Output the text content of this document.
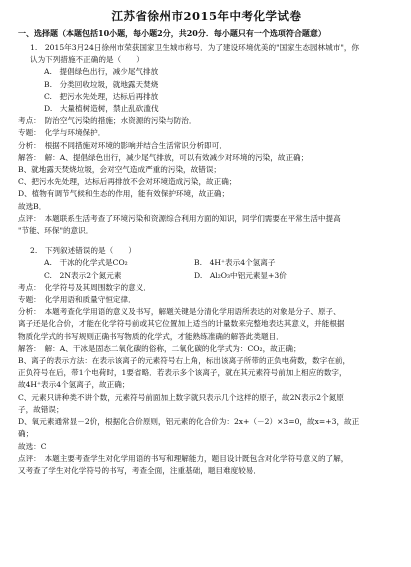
江苏省徐州市2015年中考化学试卷
一、选择题（本题包括10小题，每小题2分，共20分．每小题只有一个选项符合题意）
1.　2015年3月24日徐州市荣获国家卫生城市称号．为了建设环境优美的"国家生态园林城市"，你
认为下列措施不正确的是（　　）
A.　提倡绿色出行，减少尾气排放
B.　分类回收垃圾，就地露天焚烧
C.　把污水先处理，达标后再排放
D.　大量植树造树，禁止乱砍滥伐
考点：　防治空气污染的措施；水资源的污染与防治．
专题：　化学与环境保护．
分析：　根据不同措施对环境的影响并结合生活常识分析即可．
解答：　解：A、提倡绿色出行，减少尾气排放，可以有效减少对环境的污染，故正确；
B、就地露天焚烧垃圾，会对空气造成严重的污染，故错误；
C、把污水先处理，达标后再排放不会对环境造成污染，故正确；
D、植物有调节气候和生态的作用，能有效保护环境，故正确；
故选B．
点评：　本题联系生活考查了环境污染和资源综合利用方面的知识，同学们需要在平常生活中提高
"节能、环保"的意识．
2.　下列叙述错误的是（　　）
A.　干冰的化学式是CO₂	B.　4H⁺表示4个氢离子
C.　2N表示2个氮元素	D.　Al₂O₃中铝元素显+3价
考点：　化学符号及其周围数字的意义．
专题：　化学用语和质量守恒定律．
分析：　本题考查化学用语的意义及书写，解题关键是分清化学用语所表达的对象是分子、原子、
离子还是化合价，才能在化学符号前或其它位置加上适当的计量数来完整地表达其意义，并能根据
物质化学式的书写规则正确书写物质的化学式，才能熟练准确的解答此类题目．
解答：　解：A、干冰是固态二氧化碳的俗称，二氧化碳的化学式为：CO₂，故正确；
B、离子的表示方法：在表示该离子的元素符号右上角，标出该离子所带的正负电荷数，数字在前，
正负符号在后，带1个电荷时，1要省略．若表示多个该离子，就在其元素符号前加上相应的数字，
故4H⁺表示4个氢离子，故正确；
C、元素只讲种类不讲个数，元素符号前面加上数字就只表示几个这样的原子，故2N表示2个氮原
子，故错误；
D、氧元素通常显－2价，根据化合价原则，铝元素的化合价为：2x+（－2）×3=0，故x=+3，故正
确；
故选：C
点评：　本题主要考查学生对化学用语的书写和理解能力，题目设计既包含对化学符号意义的了解，
又考查了学生对化学符号的书写，考查全面，注重基础，题目难度较易．
